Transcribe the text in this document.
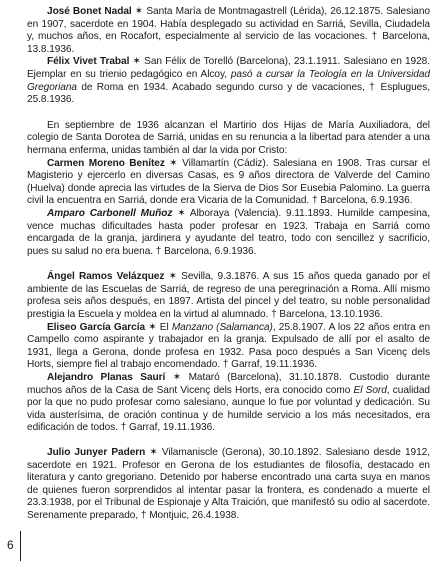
José Bonet Nadal ✶ Santa María de Montmagastrell (Lérida), 26.12.1875. Salesiano en 1907, sacerdote en 1904. Había desplegado su actividad en Sarriá, Sevilla, Ciudadela y, muchos años, en Rocafort, especialmente al servicio de las vocaciones. † Barcelona, 13.8.1936.

Félix Vivet Trabal ✶ San Félix de Torelló (Barcelona), 23.1.1911. Salesiano en 1928. Ejemplar en su trienio pedagógico en Alcoy, pasó a cursar la Teología en la Universidad Gregoriana de Roma en 1934. Acabado segundo curso y de vacaciones, † Esplugues, 25.8.1936.

En septiembre de 1936 alcanzan el Martirio dos Hijas de María Auxiliadora, del colegio de Santa Dorotea de Sarriá, unidas en su renuncia a la libertad para atender a una hermana enferma, unidas también al dar la vida por Cristo:

Carmen Moreno Benítez ✶ Villamartín (Cádiz). Salesiana en 1908. Tras cursar el Magisterio y ejercerlo en diversas Casas, es 9 años directora de Valverde del Camino (Huelva) donde aprecia las virtudes de la Sierva de Dios Sor Eusebia Palomino. La guerra civil la encuentra en Sarriá, donde era Vicaria de la Comunidad. † Barcelona, 6.9.1936.

Amparo Carbonell Muñoz ✶ Alboraya (Valencia). 9.11.1893. Humilde campesina, vence muchas dificultades hasta poder profesar en 1923. Trabaja en Sarriá como encargada de la granja, jardinera y ayudante del teatro, todo con sencillez y sacrificio, pues su salud no era buena. † Barcelona, 6.9.1936.

Ángel Ramos Velázquez ✶ Sevilla, 9.3.1876. A sus 15 años queda ganado por el ambiente de las Escuelas de Sarriá, de regreso de una peregrinación a Roma. Allí mismo profesa seis años después, en 1897. Artista del pincel y del teatro, su noble personalidad prestigia la Escuela y moldea en la virtud al alumnado. † Barcelona, 13.10.1936.

Eliseo García García ✶ El Manzano (Salamanca), 25.8.1907. A los 22 años entra en Campello como aspirante y trabajador en la granja. Expulsado de allí por el asalto de 1931, llega a Gerona, donde profesa en 1932. Pasa poco después a San Vicenç dels Horts, siempre fiel al trabajo encomendado. † Garraf, 19.11.1936.

Alejandro Planas Saurí ✶ Mataró (Barcelona), 31.10.1878. Custodio durante muchos años de la Casa de Sant Vicenç dels Horts, era conocido como El Sord, cualidad por la que no pudo profesar como salesiano, aunque lo fue por voluntad y dedicación. Su vida austerísima, de oración continua y de humilde servicio a los más necesitados, era edificación de todos. † Garraf, 19.11.1936.

Julio Junyer Padern ✶ Vilamaniscle (Gerona), 30.10.1892. Salesiano desde 1912, sacerdote en 1921. Profesor en Gerona de los estudiantes de filosofía, destacado en literatura y canto gregoriano. Detenido por haberse encontrado una carta suya en manos de quienes fueron sorprendidos al intentar pasar la frontera, es condenado a muerte el 23.3.1938, por el Tribunal de Espionaje y Alta Traición, que manifestó su odio al sacerdote. Serenamente preparado, † Montjuic, 26.4.1938.

6
